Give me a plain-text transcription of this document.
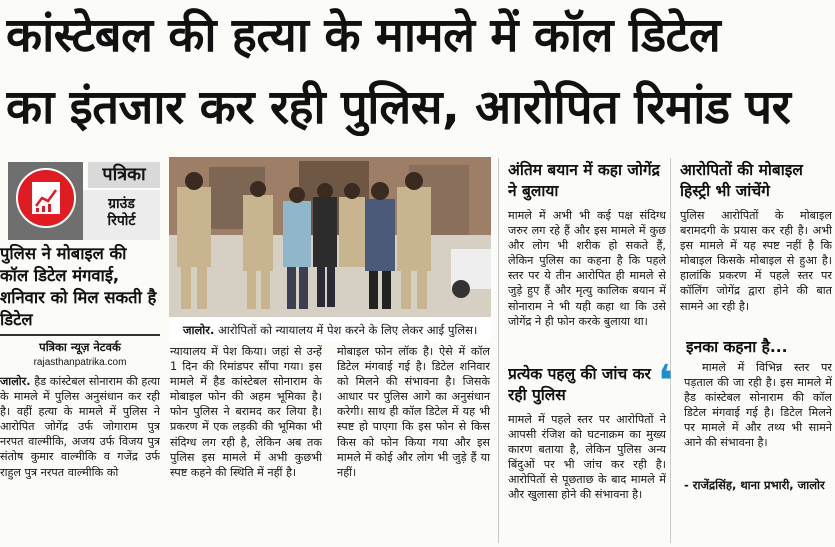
कांस्टेबल की हत्या के मामले में कॉल डिटेल
का इंतजार कर रही पुलिस, आरोपित रिमांड पर
पत्रिका
ग्राउंड
रिपोर्ट
पुलिस ने मोबाइल की कॉल डिटेल मंगवाई, शनिवार को मिल सकती है डिटेल
पत्रिका न्यूज़ नेटवर्क
rajasthanpatrika.com
जालोर. हैड कांस्टेबल सोनाराम की हत्या के मामले में पुलिस अनुसंधान कर रही है। वहीं हत्या के मामले में पुलिस ने आरोपित जोगेंद्र उर्फ जोगाराम पुत्र नरपत वाल्मीकि, अजय उर्फ विजय पुत्र संतोष कुमार वाल्मीकि व गजेंद्र उर्फ राहुल पुत्र नरपत वाल्मीकि को
जालोर. आरोपितों को न्यायालय में पेश करने के लिए लेकर आई पुलिस।
न्यायालय में पेश किया। जहां से उन्हें 1 दिन की रिमांडपर सौंपा गया। इस मामले में हैड कांस्टेबल सोनाराम के मोबाइल फोन की अहम भूमिका है। फोन पुलिस ने बरामद कर लिया है। प्रकरण में एक लड़की की भूमिका भी संदिग्ध लग रही है, लेकिन अब तक पुलिस इस मामले में अभी कुछभी स्पष्ट कहने की स्थिति में नहीं है।
मोबाइल फोन लॉक है। ऐसे में कॉल डिटेल मंगवाई गई है। डिटेल शनिवार को मिलने की संभावना है। जिसके आधार पर पुलिस आगे का अनुसंधान करेगी। साथ ही कॉल डिटेल में यह भी स्पष्ट हो पाएगा कि इस फोन से किस किस को फोन किया गया और इस मामले में कोई और लोग भी जुड़े हैं या नहीं।
अंतिम बयान में कहा जोगेंद्र ने बुलाया
मामले में अभी भी कई पक्ष संदिग्ध जरुर लग रहे हैं और इस मामले में कुछ और लोग भी शरीक हो सकते हैं, लेकिन पुलिस का कहना है कि पहले स्तर पर ये तीन आरोपित ही मामले से जुड़े हुए हैं और मृत्यु कालिक बयान में सोनाराम ने भी यही कहा था कि उसे जोगेंद्र ने ही फोन करके बुलाया था।
प्रत्येक पहलु की जांच कर रही पुलिस
मामले में पहले स्तर पर आरोपितों ने आपसी रंजिश को घटनाक्रम का मुख्य कारण बताया है, लेकिन पुलिस अन्य बिंदुओं पर भी जांच कर रही है। आरोपितों से पूछताछ के बाद मामले में और खुलासा होने की संभावना है।
आरोपितों की मोबाइल हिस्ट्री भी जांचेंगे
पुलिस आरोपितों के मोबाइल बरामदगी के प्रयास कर रही है। अभी इस मामले में यह स्पष्ट नहीं है कि मोबाइल किसके मोबाइल से हुआ है। हालांकि प्रकरण में पहले स्तर पर कॉलिंग जोगेंद्र द्वारा होने की बात सामने आ रही है।
इनका कहना है...
❛	मामले में विभिन्न स्तर पर पड़ताल की जा रही है। इस मामले में हैड कांस्टेबल सोनाराम की कॉल डिटेल मंगवाई गई है। डिटेल मिलने पर मामले में और तथ्य भी सामने आने की संभावना है।
- राजेंद्रसिंह, थाना प्रभारी, जालोर
